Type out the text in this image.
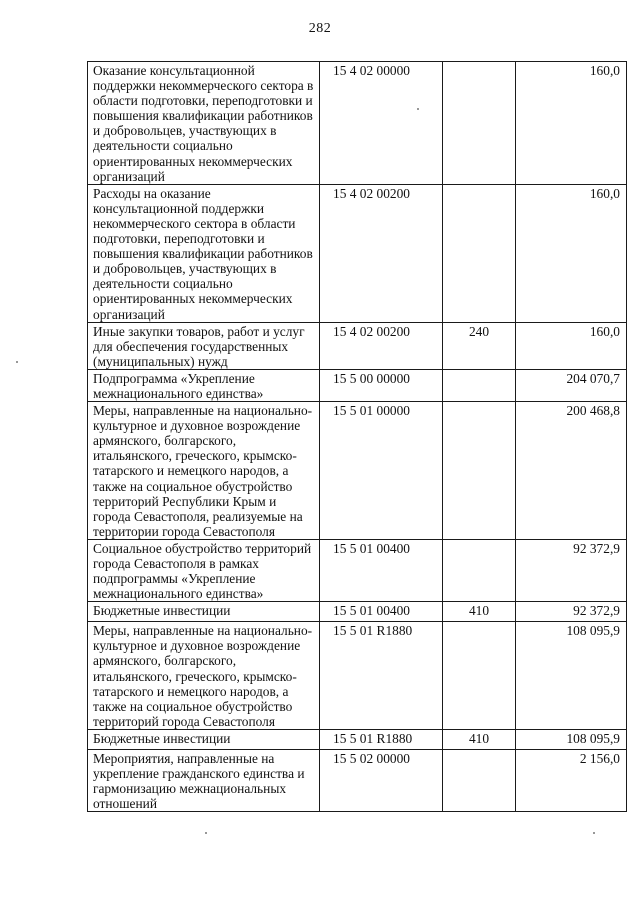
282
Оказание консультационной поддержки некоммерческого сектора в области подготовки, переподготовки и повышения квалификации работников и добровольцев, участвующих в деятельности социально ориентированных некоммерческих организаций	15 4 02 00000		160,0
Расходы на оказание консультационной поддержки некоммерческого сектора в области подготовки, переподготовки и повышения квалификации работников и добровольцев, участвующих в деятельности социально ориентированных некоммерческих организаций	15 4 02 00200		160,0
Иные закупки товаров, работ и услуг для обеспечения государственных (муниципальных) нужд	15 4 02 00200	240	160,0
Подпрограмма «Укрепление межнационального единства»	15 5 00 00000		204 070,7
Меры, направленные на национально-культурное и духовное возрождение армянского, болгарского, итальянского, греческого, крымско-татарского и немецкого народов, а также на социальное обустройство территорий Республики Крым и города Севастополя, реализуемые на территории города Севастополя	15 5 01 00000		200 468,8
Социальное обустройство территорий города Севастополя в рамках подпрограммы «Укрепление межнационального единства»	15 5 01 00400		92 372,9
Бюджетные инвестиции	15 5 01 00400	410	92 372,9
Меры, направленные на национально-культурное и духовное возрождение армянского, болгарского, итальянского, греческого, крымско-татарского и немецкого народов, а также на социальное обустройство территорий города Севастополя	15 5 01 R1880		108 095,9
Бюджетные инвестиции	15 5 01 R1880	410	108 095,9
Мероприятия, направленные на укрепление гражданского единства и гармонизацию межнациональных отношений	15 5 02 00000		2 156,0
